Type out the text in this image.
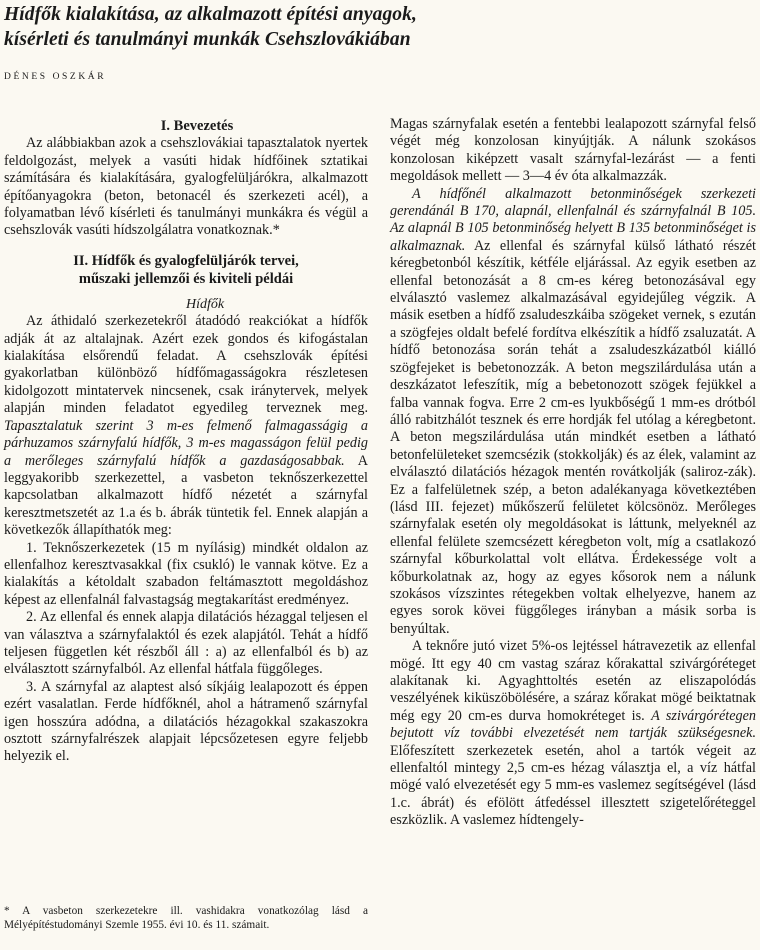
Hídfők kialakítása, az alkalmazott építési anyagok,
kísérleti és tanulmányi munkák Csehszlovákiában
DÉNES OSZKÁR

I. Bevezetés

Az alábbiakban azok a csehszlovákiai tapasztalatok nyertek feldolgozást, melyek a vasúti hidak hídfőinek sztatikai számítására és kialakítására, gyalogfelüljárókra, alkalmazott építőanyagokra (beton, betonacél és szerkezeti acél), a folyamatban lévő kísérleti és tanulmányi munkákra és végül a csehszlovák vasúti hídszolgálatra vonatkoznak.*

II. Hídfők és gyalogfelüljárók tervei,
műszaki jellemzői és kiviteli példái

Hídfők

Az áthidaló szerkezetekről átadódó reakciókat a hídfők adják át az altalajnak. Azért ezek gondos és kifogástalan kialakítása elsőrendű feladat. A csehszlovák építési gyakorlatban különböző hídfőmagasságokra részletesen kidolgozott mintatervek nincsenek, csak iránytervek, melyek alapján minden feladatot egyedileg terveznek meg. Tapasztalatuk szerint 3 m-es felmenő falmagasságig a párhuzamos szárnyfalú hídfők, 3 m-es magasságon felül pedig a merőleges szárnyfalú hídfők a gazdaságosabbak. A leggyakoribb szerkezettel, a vasbeton teknőszerkezettel kapcsolatban alkalmazott hídfő nézetét a szárnyfal keresztmetszetét az 1.a és b. ábrák tüntetik fel. Ennek alapján a következők állapíthatók meg:

1. Teknőszerkezetek (15 m nyílásig) mindkét oldalon az ellenfalhoz keresztvasakkal (fix csukló) le vannak kötve. Ez a kialakítás a kétoldalt szabadon feltámasztott megoldáshoz képest az ellenfalnál falvastagság megtakarítást eredményez.

2. Az ellenfal és ennek alapja dilatációs hézaggal teljesen el van választva a szárnyfalaktól és ezek alapjától. Tehát a hídfő teljesen független két részből áll : a) az ellenfalból és b) az elválasztott szárnyfalból. Az ellenfal hátfala függőleges.

3. A szárnyfal az alaptest alsó síkjáig lealapozott és éppen ezért vasalatlan. Ferde hídfőknél, ahol a hátramenő szárnyfal igen hosszúra adódna, a dilatációs hézagokkal szakaszokra osztott szárnyfalrészek alapjait lépcsőzetesen egyre feljebb helyezik el.

* A vasbeton szerkezetekre ill. vashidakra vonatkozólag lásd a Mélyépítéstudományi Szemle 1955. évi 10. és 11. számait.

Magas szárnyfalak esetén a fentebbi lealapozott szárnyfal felső végét még konzolosan kinyújtják. A nálunk szokásos konzolosan kiképzett vasalt szárnyfal-lezárást — a fenti megoldások mellett — 3—4 év óta alkalmazzák.

A hídfőnél alkalmazott betonminőségek szerkezeti gerendánál B 170, alapnál, ellenfalnál és szárnyfalnál B 105. Az alapnál B 105 betonminőség helyett B 135 betonminőséget is alkalmaznak. Az ellenfal és szárnyfal külső látható részét kéregbetonból készítik, kétféle eljárással. Az egyik esetben az ellenfal betonozását a 8 cm-es kéreg betonozásával egy elválasztó vaslemez alkalmazásával egyidejűleg végzik. A másik esetben a hídfő zsaludeszkáiba szögeket vernek, s ezután a szögfejes oldalt befelé fordítva elkészítik a hídfő zsaluzatát. A hídfő betonozása során tehát a zsaludeszkázatból kiálló szögfejeket is bebetonozzák. A beton megszilárdulása után a deszkázatot lefeszítik, míg a bebetonozott szögek fejükkel a falba vannak fogva. Erre 2 cm-es lyukbőségű 1 mm-es drótból álló rabitzhálót tesznek és erre hordják fel utólag a kéregbetont. A beton megszilárdulása után mindkét esetben a látható betonfelületeket szemcsézik (stokkolják) és az élek, valamint az elválasztó dilatációs hézagok mentén rovátkolják (saliroz-zák). Ez a falfelületnek szép, a beton adalékanyaga következtében (lásd III. fejezet) műkőszerű felületet kölcsönöz. Merőleges szárnyfalak esetén oly megoldásokat is láttunk, melyeknél az ellenfal felülete szemcsézett kéregbeton volt, míg a csatlakozó szárnyfal kőburkolattal volt ellátva. Érdekessége volt a kőburkolatnak az, hogy az egyes kősorok nem a nálunk szokásos vízszintes rétegekben voltak elhelyezve, hanem az egyes sorok kövei függőleges irányban a másik sorba is benyúltak.

A teknőre jutó vizet 5%-os lejtéssel hátravezetik az ellenfal mögé. Itt egy 40 cm vastag száraz kőrakattal szivárgóréteget alakítanak ki. Agyaghttoltés esetén az eliszapolódás veszélyének kiküszöbölésére, a száraz kőrakat mögé beiktatnak még egy 20 cm-es durva homokréteget is. A szivárgórétegen bejutott víz további elvezetését nem tartják szükségesnek. Előfeszített szerkezetek esetén, ahol a tartók végeit az ellenfaltól mintegy 2,5 cm-es hézag választja el, a víz hátfal mögé való elvezetését egy 5 mm-es vaslemez segítségével (lásd 1.c. ábrát) és efölött átfedéssel illesztett szigetelőréteggel eszközlik. A vaslemez hídtengely-
